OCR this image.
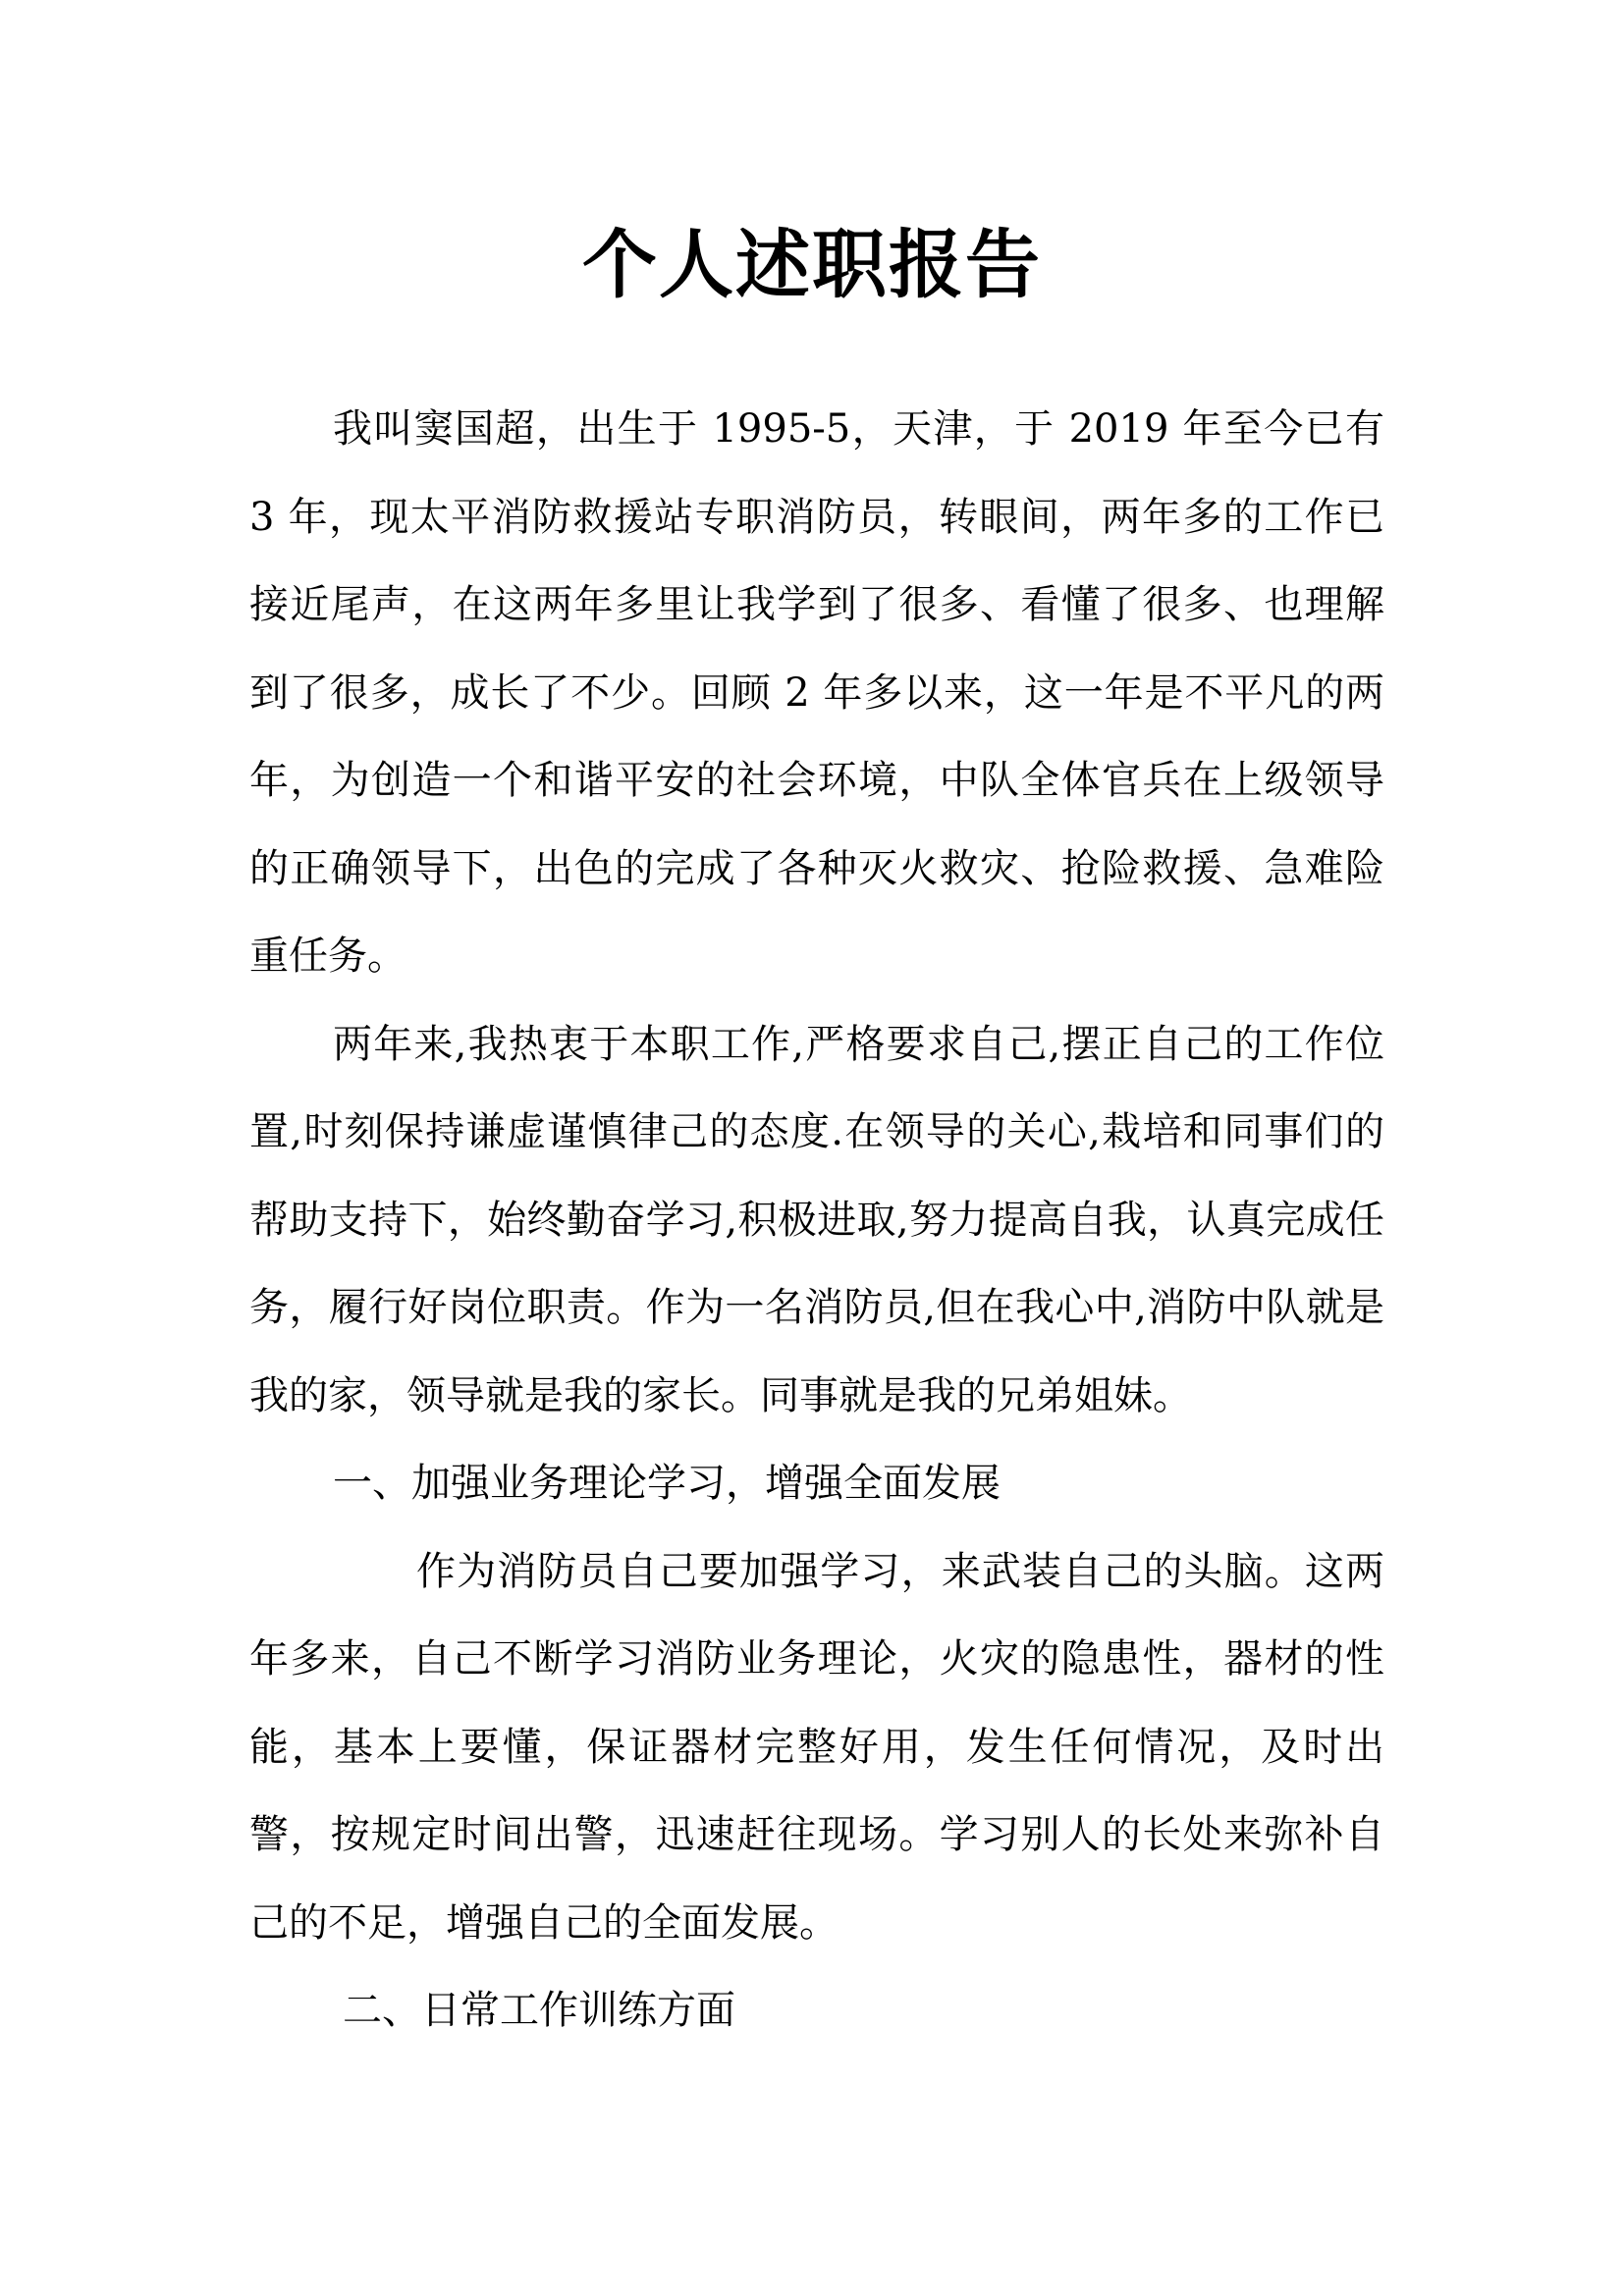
个人述职报告

我叫窦国超，出生于 1995-5，天津，于 2019 年至今已有 3 年，现太平消防救援站专职消防员，转眼间，两年多的工作已接近尾声，在这两年多里让我学到了很多、看懂了很多、也理解到了很多，成长了不少。回顾 2 年多以来，这一年是不平凡的两年，为创造一个和谐平安的社会环境，中队全体官兵在上级领导的正确领导下，出色的完成了各种灭火救灾、抢险救援、急难险重任务。

两年来,我热衷于本职工作,严格要求自己,摆正自己的工作位置,时刻保持谦虚谨慎律己的态度.在领导的关心,栽培和同事们的帮助支持下，始终勤奋学习,积极进取,努力提高自我，认真完成任务，履行好岗位职责。作为一名消防员,但在我心中,消防中队就是我的家，领导就是我的家长。同事就是我的兄弟姐妹。

一、加强业务理论学习，增强全面发展

作为消防员自己要加强学习，来武装自己的头脑。这两年多来，自己不断学习消防业务理论，火灾的隐患性，器材的性能，基本上要懂，保证器材完整好用，发生任何情况，及时出警，按规定时间出警，迅速赶往现场。学习别人的长处来弥补自己的不足，增强自己的全面发展。

二、日常工作训练方面
